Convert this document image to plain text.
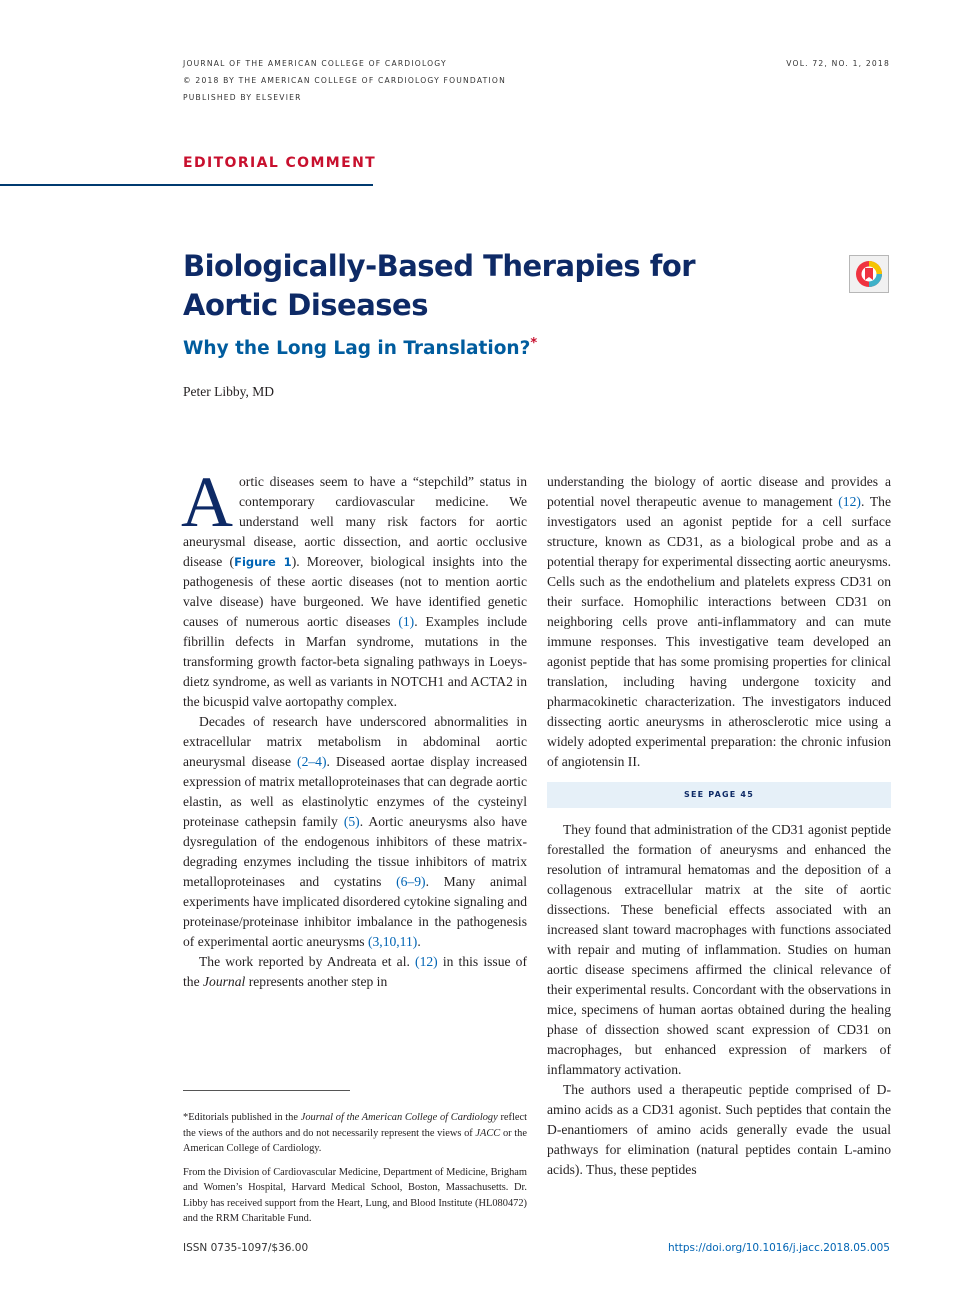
JOURNAL OF THE AMERICAN COLLEGE OF CARDIOLOGY
© 2018 BY THE AMERICAN COLLEGE OF CARDIOLOGY FOUNDATION
PUBLISHED BY ELSEVIER
VOL. 72, NO. 1, 2018
EDITORIAL COMMENT
Biologically-Based Therapies for Aortic Diseases
Why the Long Lag in Translation?*
Peter Libby, MD

Aortic diseases seem to have a “stepchild” status in contemporary cardiovascular medicine. We understand well many risk factors for aortic aneurysmal disease, aortic dissection, and aortic occlusive disease (Figure 1). Moreover, biological insights into the pathogenesis of these aortic diseases (not to mention aortic valve disease) have burgeoned. We have identified genetic causes of numerous aortic diseases (1). Examples include fibrillin defects in Marfan syndrome, mutations in the transforming growth factor-beta signaling pathways in Loeys-dietz syndrome, as well as variants in NOTCH1 and ACTA2 in the bicuspid valve aortopathy complex.

Decades of research have underscored abnormalities in extracellular matrix metabolism in abdominal aortic aneurysmal disease (2–4). Diseased aortae display increased expression of matrix metalloproteinases that can degrade aortic elastin, as well as elastinolytic enzymes of the cysteinyl proteinase cathepsin family (5). Aortic aneurysms also have dysregulation of the endogenous inhibitors of these matrix-degrading enzymes including the tissue inhibitors of matrix metalloproteinases and cystatins (6–9). Many animal experiments have implicated disordered cytokine signaling and proteinase/proteinase inhibitor imbalance in the pathogenesis of experimental aortic aneurysms (3,10,11).

The work reported by Andreata et al. (12) in this issue of the Journal represents another step in

understanding the biology of aortic disease and provides a potential novel therapeutic avenue to management (12). The investigators used an agonist peptide for a cell surface structure, known as CD31, as a biological probe and as a potential therapy for experimental dissecting aortic aneurysms. Cells such as the endothelium and platelets express CD31 on their surface. Homophilic interactions between CD31 on neighboring cells prove anti-inflammatory and can mute immune responses. This investigative team developed an agonist peptide that has some promising properties for clinical translation, including having undergone toxicity and pharmacokinetic characterization. The investigators induced dissecting aortic aneurysms in atherosclerotic mice using a widely adopted experimental preparation: the chronic infusion of angiotensin II.

SEE PAGE 45

They found that administration of the CD31 agonist peptide forestalled the formation of aneurysms and enhanced the resolution of intramural hematomas and the deposition of a collagenous extracellular matrix at the site of aortic dissections. These beneficial effects associated with an increased slant toward macrophages with functions associated with repair and muting of inflammation. Studies on human aortic disease specimens affirmed the clinical relevance of their experimental results. Concordant with the observations in mice, specimens of human aortas obtained during the healing phase of dissection showed scant expression of CD31 on macrophages, but enhanced expression of markers of inflammatory activation.

The authors used a therapeutic peptide comprised of D-amino acids as a CD31 agonist. Such peptides that contain the D-enantiomers of amino acids generally evade the usual pathways for elimination (natural peptides contain L-amino acids). Thus, these peptides

*Editorials published in the Journal of the American College of Cardiology reflect the views of the authors and do not necessarily represent the views of JACC or the American College of Cardiology.

From the Division of Cardiovascular Medicine, Department of Medicine, Brigham and Women’s Hospital, Harvard Medical School, Boston, Massachusetts. Dr. Libby has received support from the Heart, Lung, and Blood Institute (HL080472) and the RRM Charitable Fund.

ISSN 0735-1097/$36.00	https://doi.org/10.1016/j.jacc.2018.05.005
